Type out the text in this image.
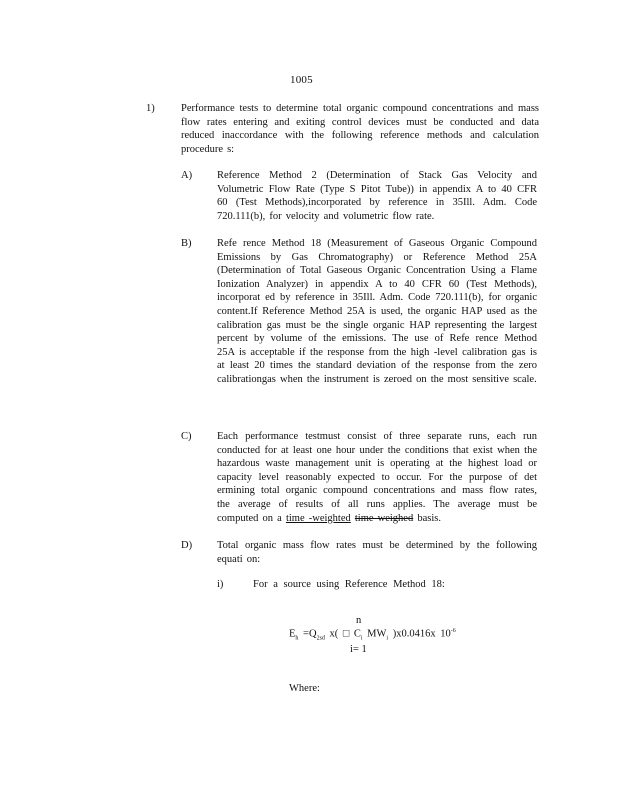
1005
1)	Performance tests to determine total organic compound concentrations and mass flow rates entering and exiting control devices must be conducted and data reduced inaccordance with the following reference methods and calculation procedure s:
A) Reference Method 2 (Determination of Stack Gas Velocity and Volumetric Flow Rate (Type S Pitot Tube)) in appendix A to 40 CFR 60 (Test Methods),incorporated by reference in 35Ill. Adm. Code 720.111(b), for velocity and volumetric flow rate.
B) Refe rence Method 18 (Measurement of Gaseous Organic Compound Emissions by Gas Chromatography) or Reference Method 25A (Determination of Total Gaseous Organic Concentration Using a Flame Ionization Analyzer) in appendix A to 40 CFR 60 (Test Methods), incorporat ed by reference in 35Ill. Adm. Code 720.111(b), for organic content.If Reference Method 25A is used, the organic HAP used as the calibration gas must be the single organic HAP representing the largest percent by volume of the emissions. The use of Refe rence Method 25A is acceptable if the response from the high -level calibration gas is at least 20 times the standard deviation of the response from the zero calibrationgas when the instrument is zeroed on the most sensitive scale.
C) Each performance testmust consist of three separate runs, each run conducted for at least one hour under the conditions that exist when the hazardous waste management unit is operating at the highest load or capacity level reasonably expected to occur. For the purpose of det ermining total organic compound concentrations and mass flow rates, the average of results of all runs applies. The average must be computed on a time -weighted time weighed basis.
D) Total organic mass flow rates must be determined by the following equati on:
i)	For a source using Reference Method 18:
n
$E_h =Q_{2sd}$ x( □ $C_i$ $MW_i$ )x0.0416x $10^{-6}$
i= 1
Where:
